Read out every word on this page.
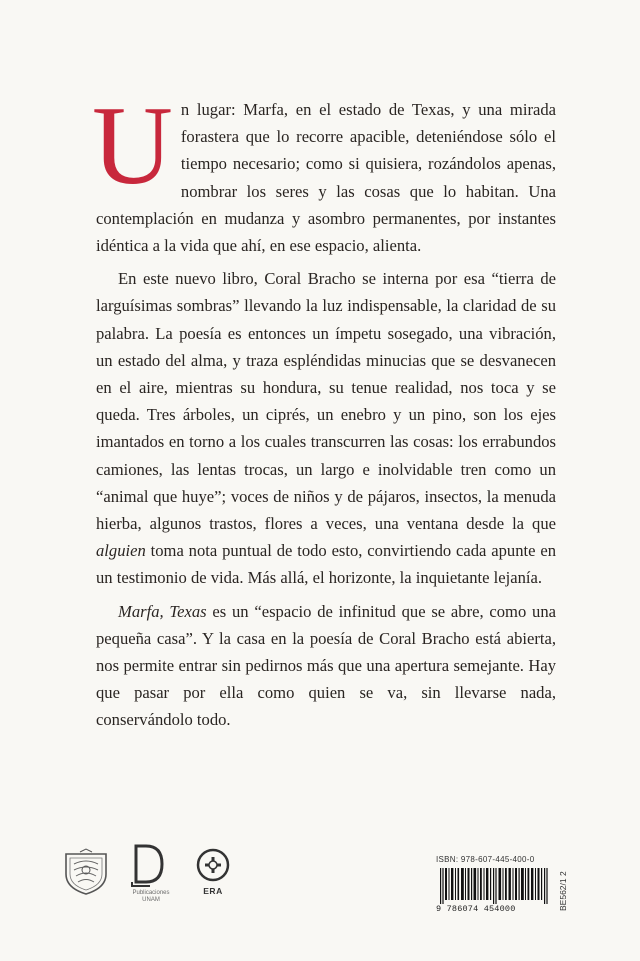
Un lugar: Marfa, en el estado de Texas, y una mirada forastera que lo recorre apacible, deteniéndose sólo el tiempo necesario; como si quisiera, rozándolos apenas, nombrar los seres y las cosas que lo habitan. Una contemplación en mudanza y asombro permanentes, por instantes idéntica a la vida que ahí, en ese espacio, alienta.

En este nuevo libro, Coral Bracho se interna por esa “tierra de larguísimas sombras” llevando la luz indispensable, la claridad de su palabra. La poesía es entonces un ímpetu sosegado, una vibración, un estado del alma, y traza espléndidas minucias que se desvanecen en el aire, mientras su hondura, su tenue realidad, nos toca y se queda. Tres árboles, un ciprés, un enebro y un pino, son los ejes imantados en torno a los cuales transcurren las cosas: los errabundos camiones, las lentas trocas, un largo e inolvidable tren como un “animal que huye”; voces de niños y de pájaros, insectos, la menuda hierba, algunos trastos, flores a veces, una ventana desde la que alguien toma nota puntual de todo esto, convirtiendo cada apunte en un testimonio de vida. Más allá, el horizonte, la inquietante lejanía.

Marfa, Texas es un “espacio de infinitud que se abre, como una pequeña casa”. Y la casa en la poesía de Coral Bracho está abierta, nos permite entrar sin pedirnos más que una apertura semejante. Hay que pasar por ella como quien se va, sin llevarse nada, conservándolo todo.

Publicaciones
UNAM
ERA
ISBN: 978-607-445-400-0
9 786074 454000	BE562/1 2
